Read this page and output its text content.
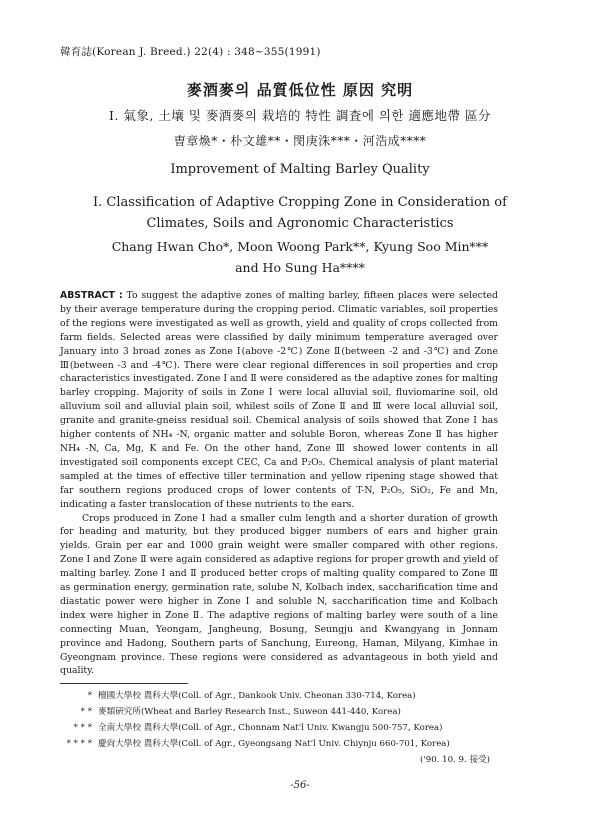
韓育誌(Korean J. Breed.) 22(4) : 348~355(1991)
麥酒麥의 品質低位性 原因 究明
Ⅰ. 氣象, 土壤 및 麥酒麥의 栽培的 特性 調査에 의한 適應地帶 區分
曺章煥*・朴文雄**・閔庚洙***・河浩成****
Improvement of Malting Barley Quality
Ⅰ. Classification of Adaptive Cropping Zone in Consideration of
Climates, Soils and Agronomic Characteristics
Chang Hwan Cho*, Moon Woong Park**, Kyung Soo Min***
and Ho Sung Ha****

ABSTRACT : To suggest the adaptive zones of malting barley, fifteen places were selected by their average temperature during the cropping period. Climatic variables, soil properties of the regions were investigated as well as growth, yield and quality of crops collected from farm fields. Selected areas were classified by daily minimum temperature averaged over January into 3 broad zones as Zone Ⅰ(above -2℃) Zone Ⅱ(between -2 and -3℃) and Zone Ⅲ(between -3 and -4℃). There were clear regional differences in soil properties and crop characteristics investigated. Zone Ⅰ and Ⅱ were considered as the adaptive zones for malting barley cropping. Majority of soils in Zone Ⅰ were local alluvial soil, fluviomarine soil, old alluvium soil and alluvial plain soil, whilest soils of Zone Ⅱ and Ⅲ were local alluvial soil, granite and granite-gneiss residual soil. Chemical analysis of soils showed that Zone Ⅰ has higher contents of NH₄ -N, organic matter and soluble Boron, whereas Zone Ⅱ has higher NH₄ -N, Ca, Mg, K and Fe. On the other hand, Zone Ⅲ showed lower contents in all investigated soil components except CEC, Ca and P₂O₅. Chemical analysis of plant material sampled at the times of effective tiller termination and yellow ripening stage showed that far southern regions produced crops of lower contents of T-N, P₂O₅, SiO₂, Fe and Mn, indicating a faster translocation of these nutrients to the ears.

Crops produced in Zone Ⅰ had a smaller culm length and a shorter duration of growth for heading and maturity, but they produced bigger numbers of ears and higher grain yields. Grain per ear and 1000 grain weight were smaller compared with other regions. Zone Ⅰ and Zone Ⅱ were again considered as adaptive regions for proper growth and yield of malting barley. Zone Ⅰ and Ⅱ produced better crops of malting quality compared to Zone Ⅲ as germination energy, germination rate, solube N, Kolbach index, saccharification time and diastatic power were higher in Zone Ⅰ and soluble N, saccharification time and Kolbach index were higher in Zone Ⅱ. The adaptive regions of malting barley were south of a line connecting Muan, Yeongam, Jangheung, Bosung, Seungju and Kwangyang in Jonnam province and Hadong, Southern parts of Sanchung, Eureong, Haman, Milyang, Kimhae in Gyeongnam province. These regions were considered as advantageous in both yield and quality.

* 檀國大學校 農科大學(Coll. of Agr., Dankook Univ. Cheonan 330-714, Korea)
* * 麥類硏究所(Wheat and Barley Research Inst., Suweon 441-440, Korea)
* * * 全南大學校 農科大學(Coll. of Agr., Chonnam Nat'l Univ. Kwangju 500-757, Korea)
* * * * 慶尙大學校 農科大學(Coll. of Agr., Gyeongsang Nat'l Univ. Chiynju 660-701, Korea)
('90. 10. 9. 接受)
-56-
